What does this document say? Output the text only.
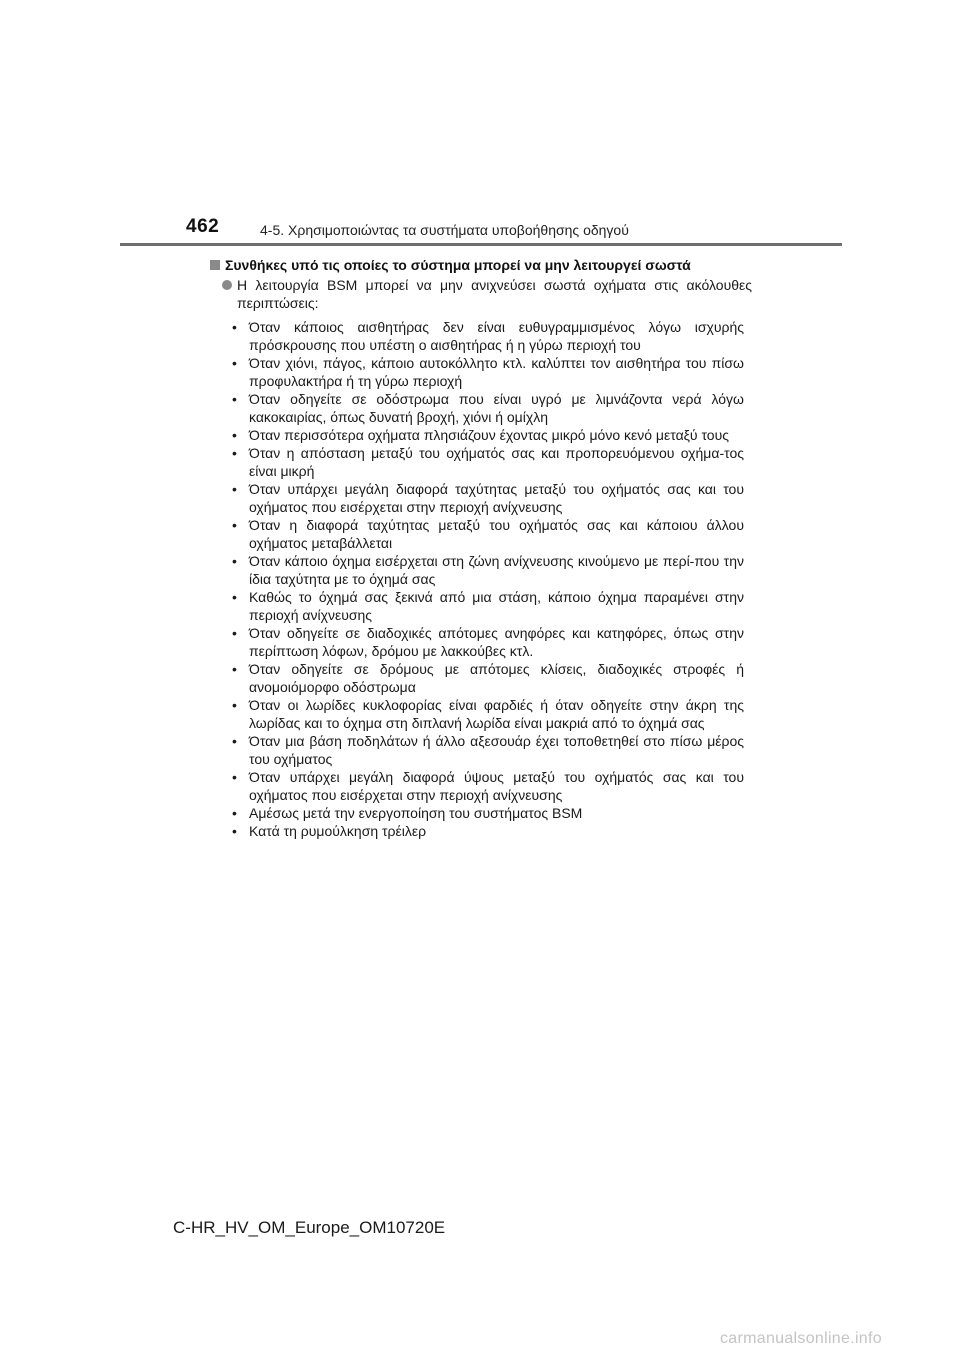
462	4-5. Χρησιμοποιώντας τα συστήματα υποβοήθησης οδηγού
Συνθήκες υπό τις οποίες το σύστημα μπορεί να μην λειτουργεί σωστά
Η λειτουργία BSM μπορεί να μην ανιχνεύσει σωστά οχήματα στις ακόλουθες περιπτώσεις:
• Όταν κάποιος αισθητήρας δεν είναι ευθυγραμμισμένος λόγω ισχυρής πρόσκρουσης που υπέστη ο αισθητήρας ή η γύρω περιοχή του
• Όταν χιόνι, πάγος, κάποιο αυτοκόλλητο κτλ. καλύπτει τον αισθητήρα του πίσω προφυλακτήρα ή τη γύρω περιοχή
• Όταν οδηγείτε σε οδόστρωμα που είναι υγρό με λιμνάζοντα νερά λόγω κακοκαιρίας, όπως δυνατή βροχή, χιόνι ή ομίχλη
• Όταν περισσότερα οχήματα πλησιάζουν έχοντας μικρό μόνο κενό μεταξύ τους
• Όταν η απόσταση μεταξύ του οχήματός σας και προπορευόμενου οχήμα-τος είναι μικρή
• Όταν υπάρχει μεγάλη διαφορά ταχύτητας μεταξύ του οχήματός σας και του οχήματος που εισέρχεται στην περιοχή ανίχνευσης
• Όταν η διαφορά ταχύτητας μεταξύ του οχήματός σας και κάποιου άλλου οχήματος μεταβάλλεται
• Όταν κάποιο όχημα εισέρχεται στη ζώνη ανίχνευσης κινούμενο με περί-που την ίδια ταχύτητα με το όχημά σας
• Καθώς το όχημά σας ξεκινά από μια στάση, κάποιο όχημα παραμένει στην περιοχή ανίχνευσης
• Όταν οδηγείτε σε διαδοχικές απότομες ανηφόρες και κατηφόρες, όπως στην περίπτωση λόφων, δρόμου με λακκούβες κτλ.
• Όταν οδηγείτε σε δρόμους με απότομες κλίσεις, διαδοχικές στροφές ή ανομοιόμορφο οδόστρωμα
• Όταν οι λωρίδες κυκλοφορίας είναι φαρδιές ή όταν οδηγείτε στην άκρη της λωρίδας και το όχημα στη διπλανή λωρίδα είναι μακριά από το όχημά σας
• Όταν μια βάση ποδηλάτων ή άλλο αξεσουάρ έχει τοποθετηθεί στο πίσω μέρος του οχήματος
• Όταν υπάρχει μεγάλη διαφορά ύψους μεταξύ του οχήματός σας και του οχήματος που εισέρχεται στην περιοχή ανίχνευσης
• Αμέσως μετά την ενεργοποίηση του συστήματος BSM
• Κατά τη ρυμούλκηση τρέιλερ
C-HR_HV_OM_Europe_OM10720E
carmanualsonline.info
